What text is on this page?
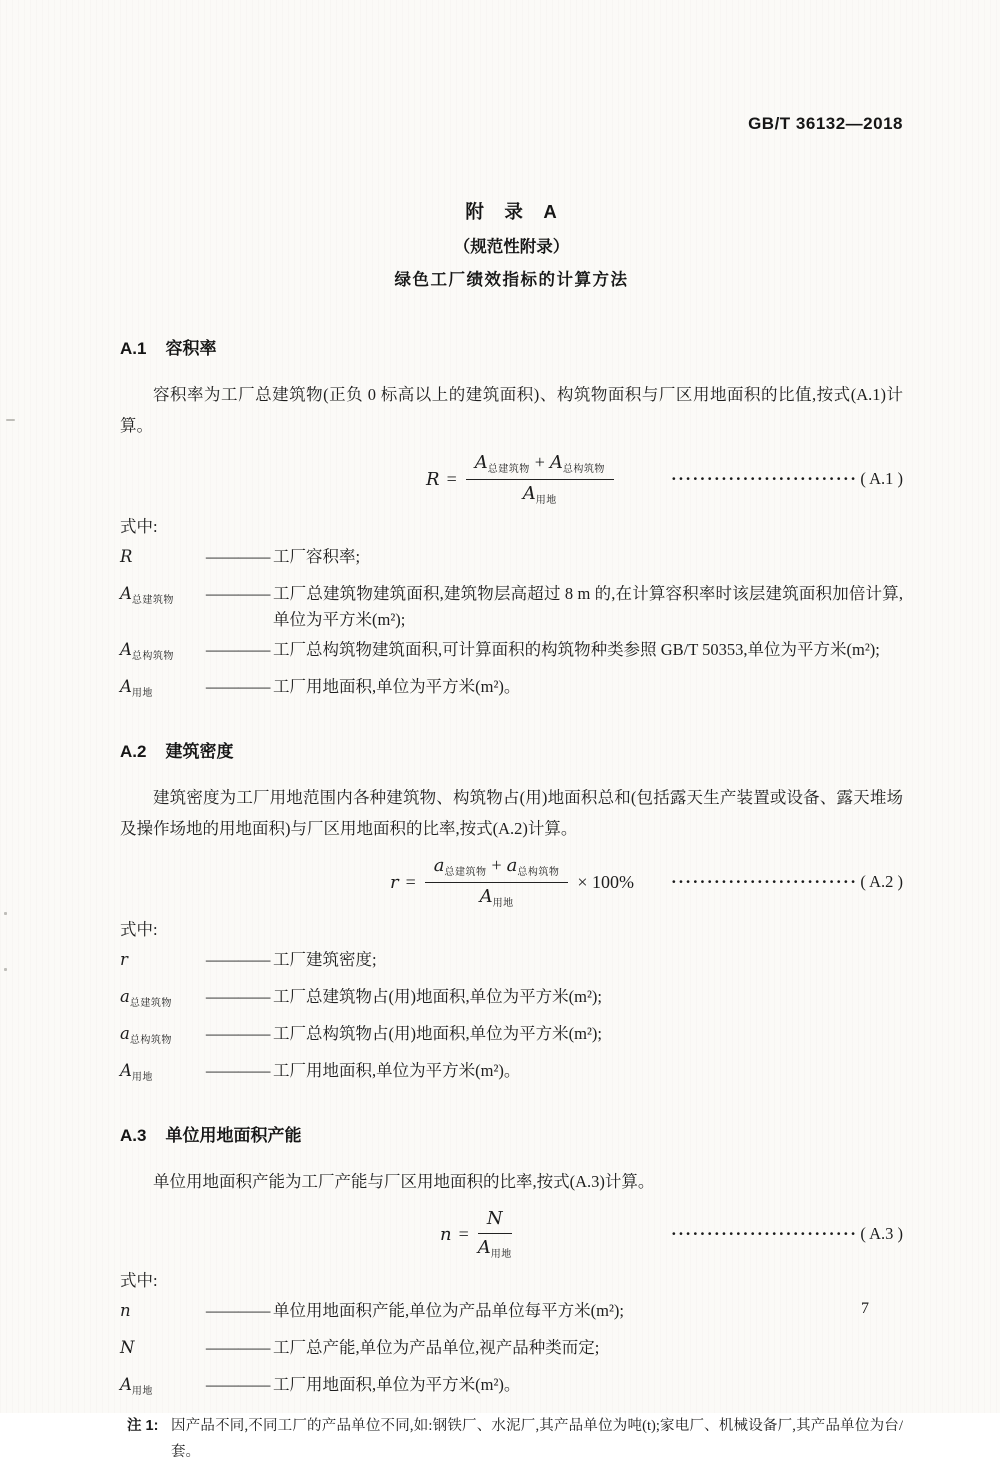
GB/T 36132—2018
附　录　A
（规范性附录）
绿色工厂绩效指标的计算方法
A.1 容积率
容积率为工厂总建筑物(正负 0 标高以上的建筑面积)、构筑物面积与厂区用地面积的比值,按式(A.1)计算。
$R = \frac{A_{总建筑物} + A_{总构筑物}}{A_{用地}}$	·························· ( A.1 )
式中:
R	—— 工厂容积率;
$A_{总建筑物}$	—— 工厂总建筑物建筑面积,建筑物层高超过 8 m 的,在计算容积率时该层建筑面积加倍计算,单位为平方米(m²);
$A_{总构筑物}$	—— 工厂总构筑物建筑面积,可计算面积的构筑物种类参照 GB/T 50353,单位为平方米(m²);
$A_{用地}$	—— 工厂用地面积,单位为平方米(m²)。
A.2 建筑密度
建筑密度为工厂用地范围内各种建筑物、构筑物占(用)地面积总和(包括露天生产装置或设备、露天堆场及操作场地的用地面积)与厂区用地面积的比率,按式(A.2)计算。
$r = \frac{a_{总建筑物} + a_{总构筑物}}{A_{用地}} \times 100\%$	·························· ( A.2 )
式中:
r	—— 工厂建筑密度;
$a_{总建筑物}$	—— 工厂总建筑物占(用)地面积,单位为平方米(m²);
$a_{总构筑物}$	—— 工厂总构筑物占(用)地面积,单位为平方米(m²);
$A_{用地}$	—— 工厂用地面积,单位为平方米(m²)。
A.3 单位用地面积产能
单位用地面积产能为工厂产能与厂区用地面积的比率,按式(A.3)计算。
$n = \frac{N}{A_{用地}}$	·························· ( A.3 )
式中:
n	—— 单位用地面积产能,单位为产品单位每平方米(m²);
N	—— 工厂总产能,单位为产品单位,视产品种类而定;
$A_{用地}$	—— 工厂用地面积,单位为平方米(m²)。
注 1: 因产品不同,不同工厂的产品单位不同,如:钢铁厂、水泥厂,其产品单位为吨(t);家电厂、机械设备厂,其产品单位为台/套。
7
